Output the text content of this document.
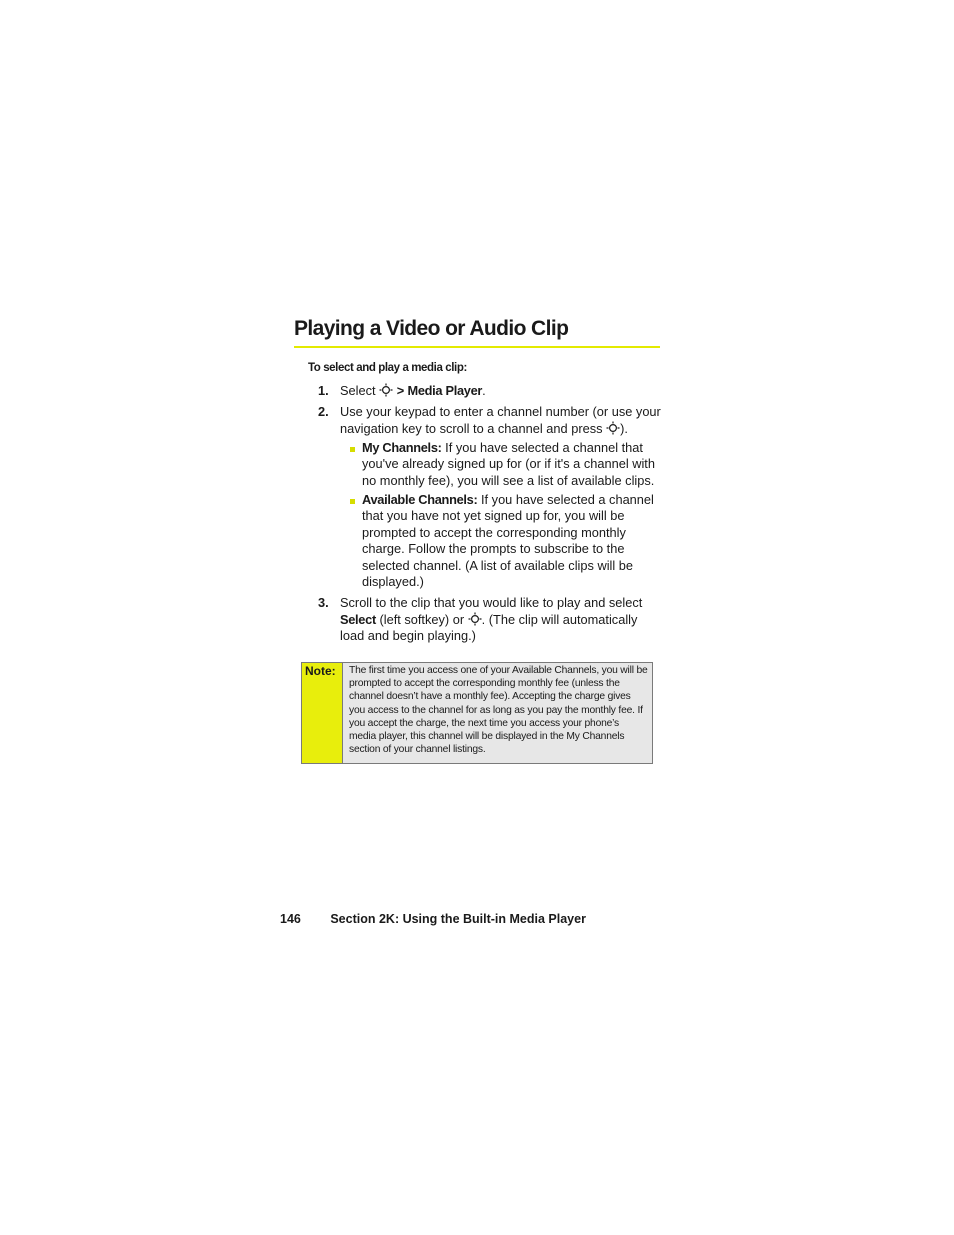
Playing a Video or Audio Clip
To select and play a media clip:
1. Select > Media Player.
2. Use your keypad to enter a channel number (or use your navigation key to scroll to a channel and press ).
My Channels: If you have selected a channel that you've already signed up for (or if it's a channel with no monthly fee), you will see a list of available clips.
Available Channels: If you have selected a channel that you have not yet signed up for, you will be prompted to accept the corresponding monthly charge. Follow the prompts to subscribe to the selected channel. (A list of available clips will be displayed.)
3. Scroll to the clip that you would like to play and select Select (left softkey) or . (The clip will automatically load and begin playing.)
Note:	The first time you access one of your Available Channels, you will be prompted to accept the corresponding monthly fee (unless the channel doesn’t have a monthly fee). Accepting the charge gives you access to the channel for as long as you pay the monthly fee. If you accept the charge, the next time you access your phone’s media player, this channel will be displayed in the My Channels section of your channel listings.
146 Section 2K: Using the Built-in Media Player
